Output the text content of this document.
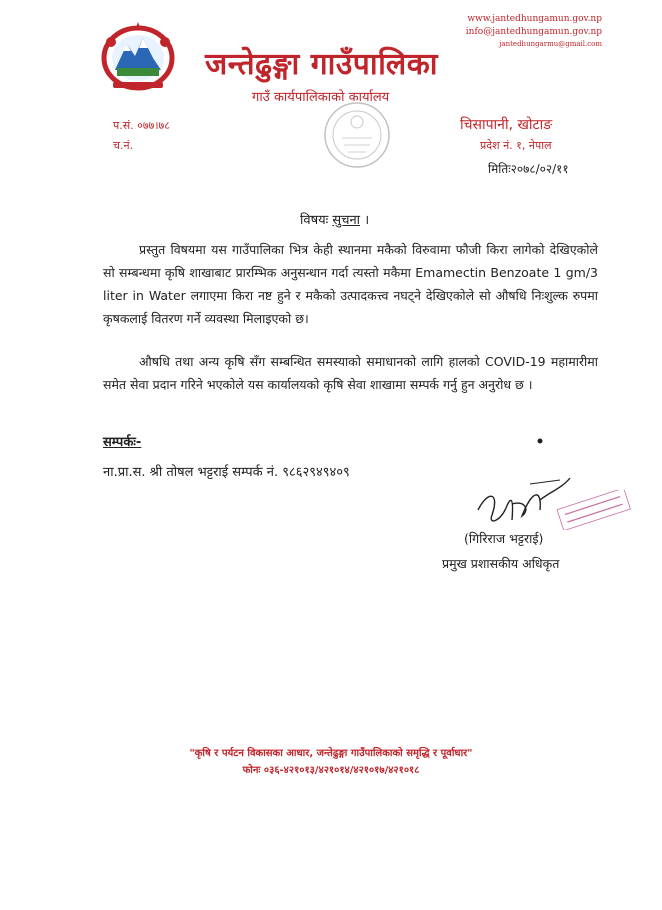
www.jantedhungamun.gov.np
info@jantedhungamun.gov.np
jantedhungarmu@gmail.com
जन्तेढुङ्गा गाउँपालिका
गाउँ कार्यपालिकाको कार्यालय
प.सं. ०७७।७८
च.नं.
चिसापानी, खोटाङ
प्रदेश नं. १, नेपाल
मितिः२०७८/०२/११
विषयः सुचना ।
प्रस्तुत विषयमा यस गाउँपालिका भित्र केही स्थानमा मकैको विरुवामा फौजी किरा लागेको देखिएकोले सो सम्बन्धमा कृषि शाखाबाट प्रारम्भिक अनुसन्धान गर्दा त्यस्तो मकैमा Emamectin Benzoate 1 gm/3 liter in Water लगाएमा किरा नष्ट हुने र मकैको उत्पादकत्त्व नघट्ने देखिएकोले सो औषधि निःशुल्क रुपमा कृषकलाई वितरण गर्ने व्यवस्था मिलाइएको छ।
औषधि तथा अन्य कृषि सँग सम्बन्धित समस्याको समाधानको लागि हालको COVID-19 महामारीमा समेत सेवा प्रदान गरिने भएकोले यस कार्यालयको कृषि सेवा शाखामा सम्पर्क गर्नु हुन अनुरोध छ ।
सम्पर्कः-
ना.प्रा.स. श्री तोषल भट्टराई सम्पर्क नं. ९८६२९४९४०९
(गिरिराज भट्टराई)
प्रमुख प्रशासकीय अधिकृत
"कृषि र पर्यटन विकासका आधार, जन्तेढुङ्गा गाउँपालिकाको समृद्धि र पूर्वाधार"
फोनः ०३६-४२१०१३/४२१०१४/४२१०१७/४२१०१८
